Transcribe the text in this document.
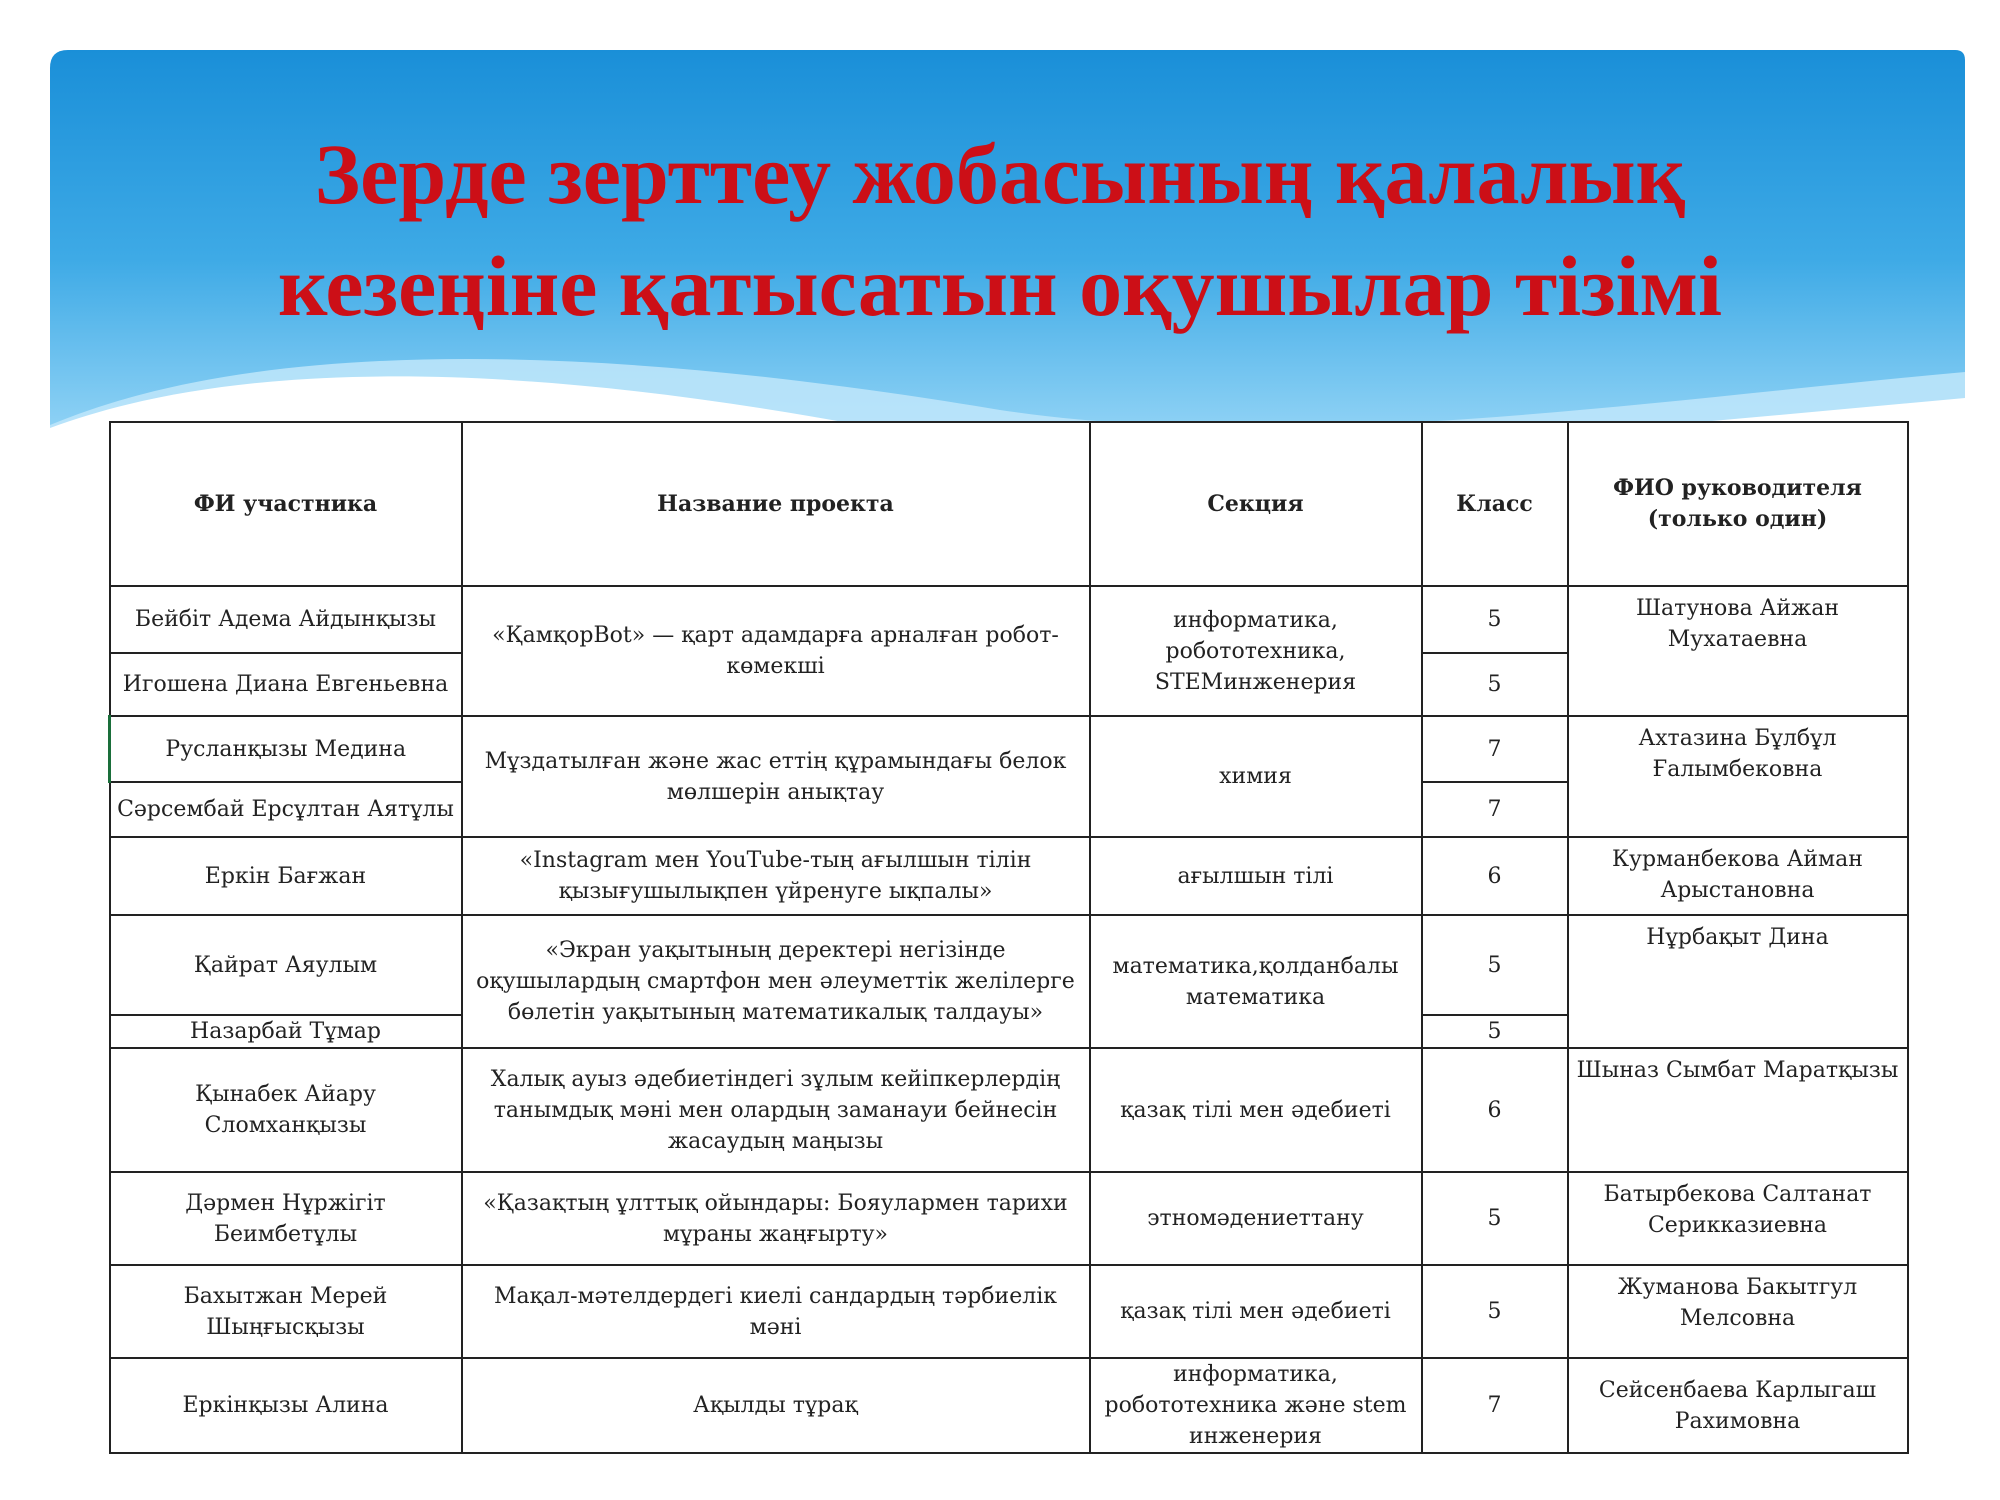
Зерде зерттеу жобасының қалалық кезеңіне қатысатын оқушылар тізімі
ФИ участника	Название проекта	Секция	Класс	ФИО руководителя (только один)
Бейбіт Адема Айдынқызы	«ҚамқорBot» — қарт адамдарға арналған робот-көмекші	информатика, робототехника, STEMинженерия	5	Шатунова Айжан Мухатаевна
Игошена Диана Евгеньевна			5	
Русланқызы Медина	Мұздатылған және жас еттің құрамындағы белок мөлшерін анықтау	химия	7	Ахтазина Бұлбұл Ғалымбековна
Сәрсембай Ерсұлтан Аятұлы			7	
Еркін Бағжан	«Instagram мен YouTube-тың ағылшын тілін қызығушылықпен үйренуге ықпалы»	ағылшын тілі	6	Курманбекова Айман Арыстановна
Қайрат Аяулым	«Экран уақытының деректері негізінде оқушылардың смартфон мен әлеуметтік желілерге бөлетін уақытының математикалық талдауы»	математика,қолданбалы математика	5	Нұрбақыт Дина
Назарбай Тұмар			5	
Қынабек Айару Сломханқызы	Халық ауыз әдебиетіндегі зұлым кейіпкерлердің танымдық мәні мен олардың заманауи бейнесін жасаудың маңызы	қазақ тілі мен әдебиеті	6	Шыназ Сымбат Маратқызы
Дәрмен Нұржігіт Беимбетұлы	«Қазақтың ұлттық ойындары: Бояулармен тарихи мұраны жаңғырту»	этномәдениеттану	5	Батырбекова Салтанат Серикказиевна
Бахытжан Мерей Шыңғысқызы	Мақал-мәтелдердегі киелі сандардың тәрбиелік мәні	қазақ тілі мен әдебиеті	5	Жуманова Бакытгул Мелсовна
Еркінқызы Алина	Ақылды тұрақ	информатика, робототехника және stem инженерия	7	Сейсенбаева Карлыгаш Рахимовна
